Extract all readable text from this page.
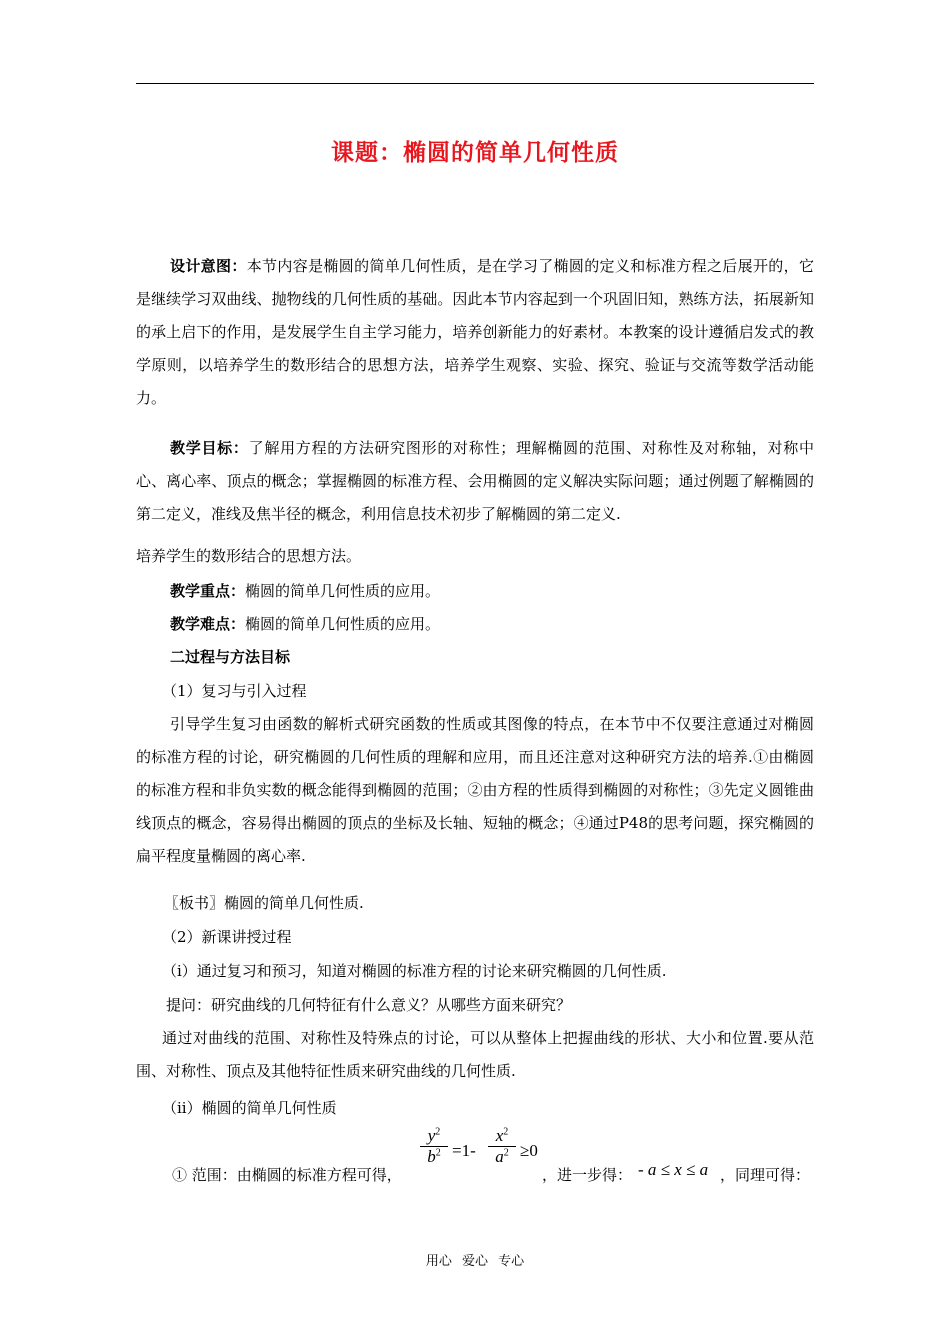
课题：椭圆的简单几何性质
设计意图：本节内容是椭圆的简单几何性质，是在学习了椭圆的定义和标准方程之后展开的，它是继续学习双曲线、抛物线的几何性质的基础。因此本节内容起到一个巩固旧知，熟练方法，拓展新知的承上启下的作用，是发展学生自主学习能力，培养创新能力的好素材。本教案的设计遵循启发式的教学原则，以培养学生的数形结合的思想方法，培养学生观察、实验、探究、验证与交流等数学活动能力。
教学目标：了解用方程的方法研究图形的对称性；理解椭圆的范围、对称性及对称轴，对称中心、离心率、顶点的概念；掌握椭圆的标准方程、会用椭圆的定义解决实际问题；通过例题了解椭圆的第二定义，准线及焦半径的概念，利用信息技术初步了解椭圆的第二定义.
培养学生的数形结合的思想方法。
教学重点：椭圆的简单几何性质的应用。
教学难点：椭圆的简单几何性质的应用。
二过程与方法目标
（1）复习与引入过程
引导学生复习由函数的解析式研究函数的性质或其图像的特点，在本节中不仅要注意通过对椭圆的标准方程的讨论，研究椭圆的几何性质的理解和应用，而且还注意对这种研究方法的培养.①由椭圆的标准方程和非负实数的概念能得到椭圆的范围；②由方程的性质得到椭圆的对称性；③先定义圆锥曲线顶点的概念，容易得出椭圆的顶点的坐标及长轴、短轴的概念；④通过P48的思考问题，探究椭圆的扁平程度量椭圆的离心率.
〖板书〗椭圆的简单几何性质.
（2）新课讲授过程
（i）通过复习和预习，知道对椭圆的标准方程的讨论来研究椭圆的几何性质.
提问：研究曲线的几何特征有什么意义？从哪些方面来研究？
通过对曲线的范围、对称性及特殊点的讨论，可以从整体上把握曲线的形状、大小和位置.要从范围、对称性、顶点及其他特征性质来研究曲线的几何性质.
（ii）椭圆的简单几何性质
① 范围：由椭圆的标准方程可得，
$\frac{y^2}{b^2} =1- \frac{x^2}{a^2} \ge 0$
，进一步得： - a ≤ x ≤ a ，同理可得：
用心 爱心 专心
